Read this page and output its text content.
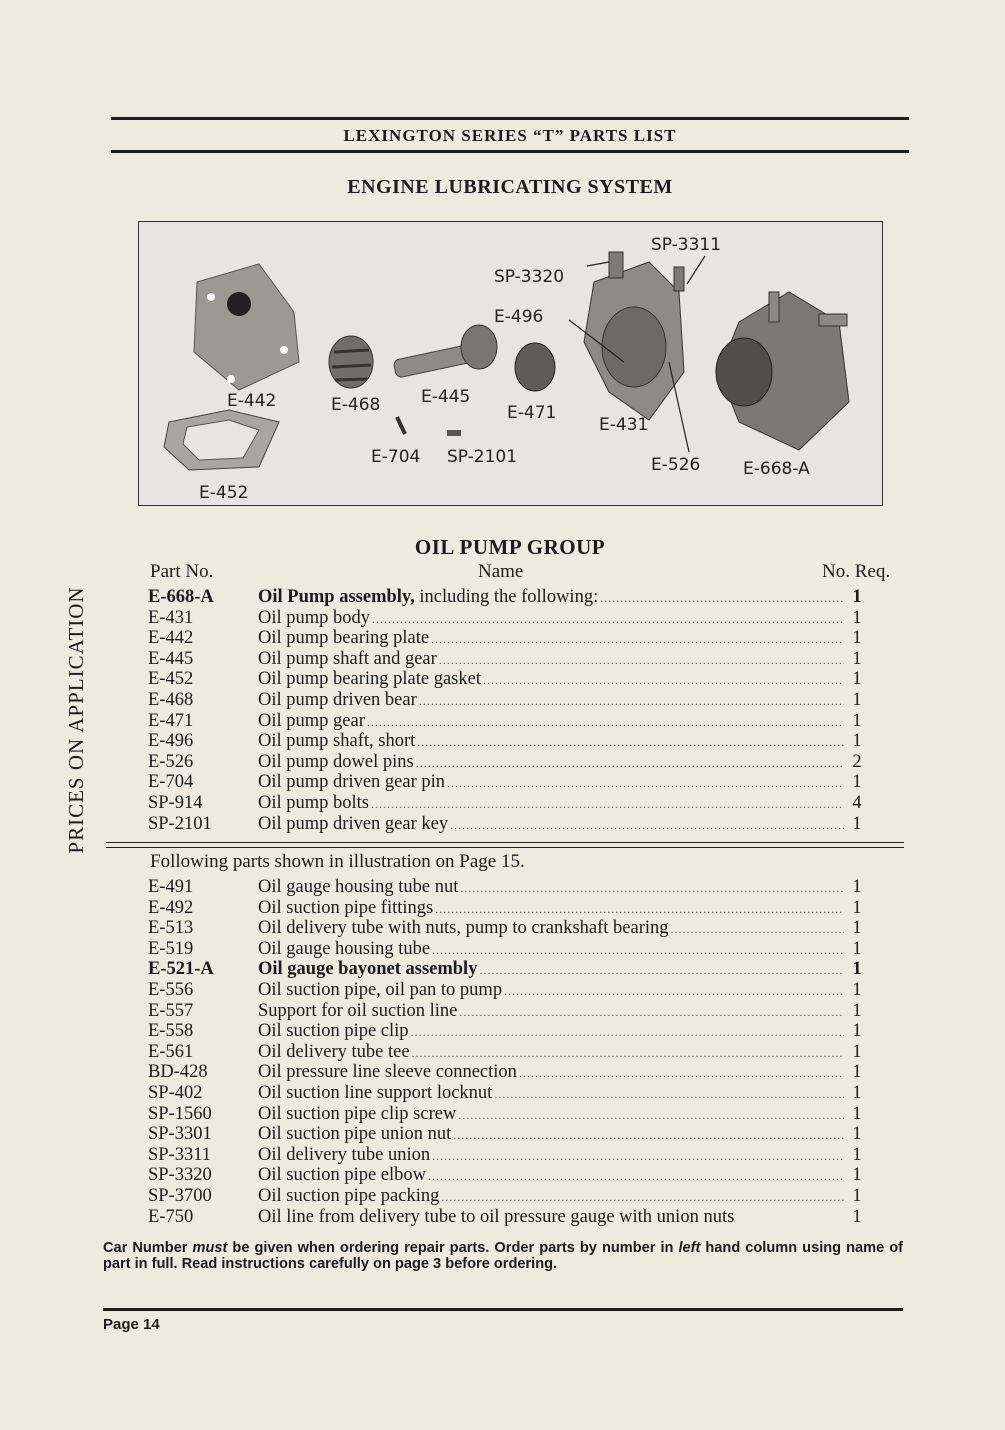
LEXINGTON SERIES “T” PARTS LIST
ENGINE LUBRICATING SYSTEM
SP-3311
SP-3320
E-496
E-442	E-468 E-445
E-471
E-431
E-452
E-704 SP-2101	E-526	E-668-A
PRICES ON APPLICATION
OIL PUMP GROUP
Part No.	Name	No. Req.
E-668-A Oil Pump assembly, including the following: .....	1
E-431	Oil pump body .....	1
E-442	Oil pump bearing plate .....	1
E-445	Oil pump shaft and gear .....	1
E-452	Oil pump bearing plate gasket .....	1
E-468	Oil pump driven bear .....	1
E-471	Oil pump gear .....	1
E-496	Oil pump shaft, short .....	1
E-526	Oil pump dowel pins .....	2
E-704	Oil pump driven gear pin .....	1
SP-914	Oil pump bolts .....	4
SP-2101	Oil pump driven gear key .....	1
Following parts shown in illustration on Page 15.
E-491	Oil gauge housing tube nut .....	1
E-492	Oil suction pipe fittings .....	1
E-513	Oil delivery tube with nuts, pump to crankshaft bearing .....	1
E-519	Oil gauge housing tube .....	1
E-521-A Oil gauge bayonet assembly .....	1
E-556	Oil suction pipe, oil pan to pump .....	1
E-557	Support for oil suction line .....	1
E-558	Oil suction pipe clip .....	1
E-561	Oil delivery tube tee .....	1
BD-428	Oil pressure line sleeve connection .....	1
SP-402	Oil suction line support locknut .....	1
SP-1560	Oil suction pipe clip screw .....	1
SP-3301	Oil suction pipe union nut .....	1
SP-3311	Oil delivery tube union .....	1
SP-3320	Oil suction pipe elbow .....	1
SP-3700	Oil suction pipe packing .....	1
E-750	Oil line from delivery tube to oil pressure gauge with union nuts	1
Car Number must be given when ordering repair parts. Order parts by number in left hand column using name of part in full. Read instructions carefully on page 3 before ordering.
Page 14
